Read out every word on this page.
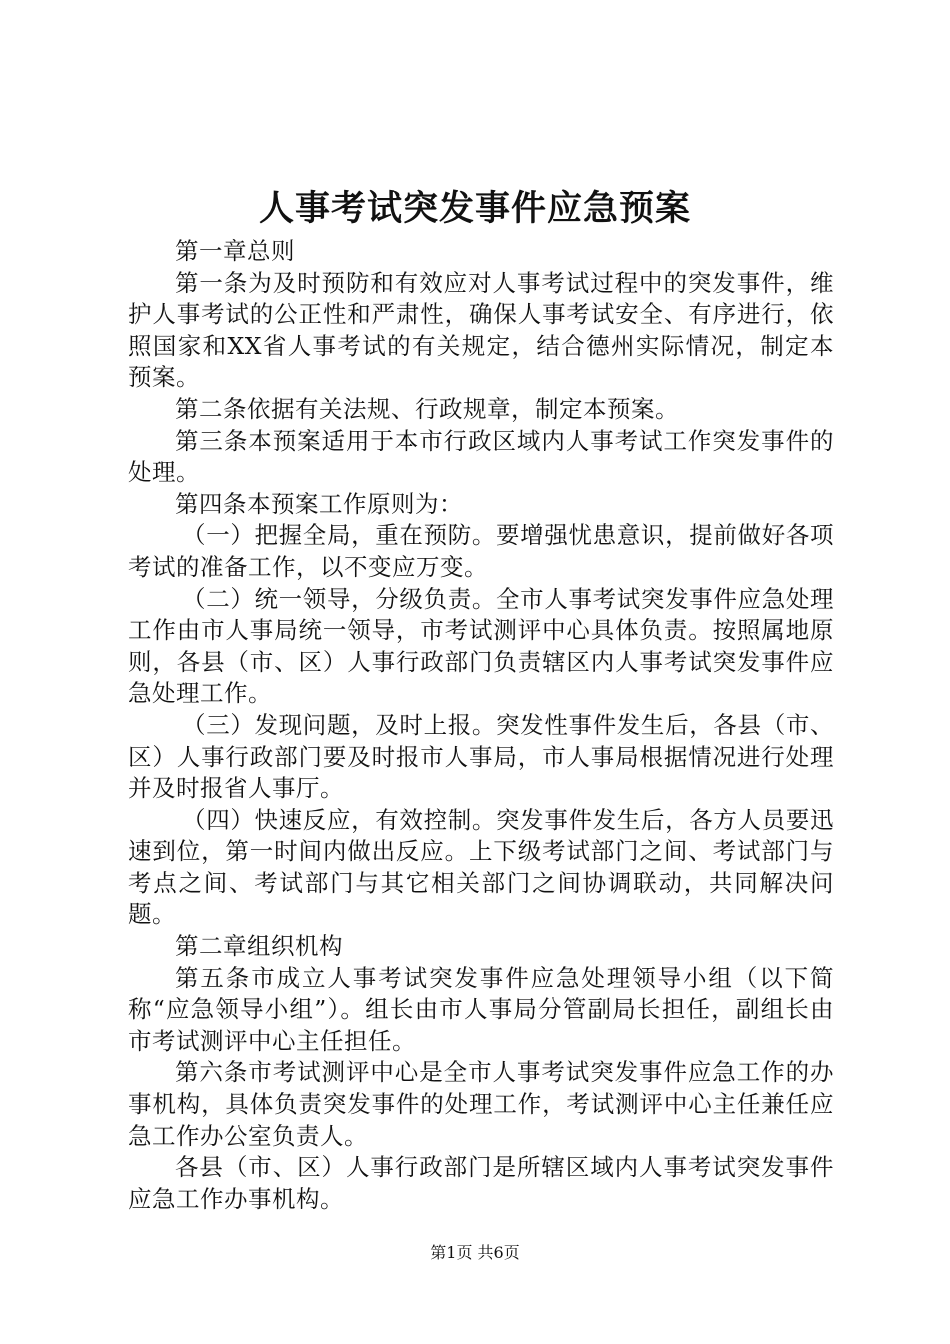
人事考试突发事件应急预案

第一章总则

第一条为及时预防和有效应对人事考试过程中的突发事件，维护人事考试的公正性和严肃性，确保人事考试安全、有序进行，依照国家和XX省人事考试的有关规定，结合德州实际情况，制定本预案。

第二条依据有关法规、行政规章，制定本预案。

第三条本预案适用于本市行政区域内人事考试工作突发事件的处理。

第四条本预案工作原则为：

（一）把握全局，重在预防。要增强忧患意识，提前做好各项考试的准备工作，以不变应万变。

（二）统一领导，分级负责。全市人事考试突发事件应急处理工作由市人事局统一领导，市考试测评中心具体负责。按照属地原则，各县（市、区）人事行政部门负责辖区内人事考试突发事件应急处理工作。

（三）发现问题，及时上报。突发性事件发生后，各县（市、区）人事行政部门要及时报市人事局，市人事局根据情况进行处理并及时报省人事厅。

（四）快速反应，有效控制。突发事件发生后，各方人员要迅速到位，第一时间内做出反应。上下级考试部门之间、考试部门与考点之间、考试部门与其它相关部门之间协调联动，共同解决问题。

第二章组织机构

第五条市成立人事考试突发事件应急处理领导小组（以下简称“应急领导小组”）。组长由市人事局分管副局长担任，副组长由市考试测评中心主任担任。

第六条市考试测评中心是全市人事考试突发事件应急工作的办事机构，具体负责突发事件的处理工作，考试测评中心主任兼任应急工作办公室负责人。

各县（市、区）人事行政部门是所辖区域内人事考试突发事件应急工作办事机构。

第1页 共6页
